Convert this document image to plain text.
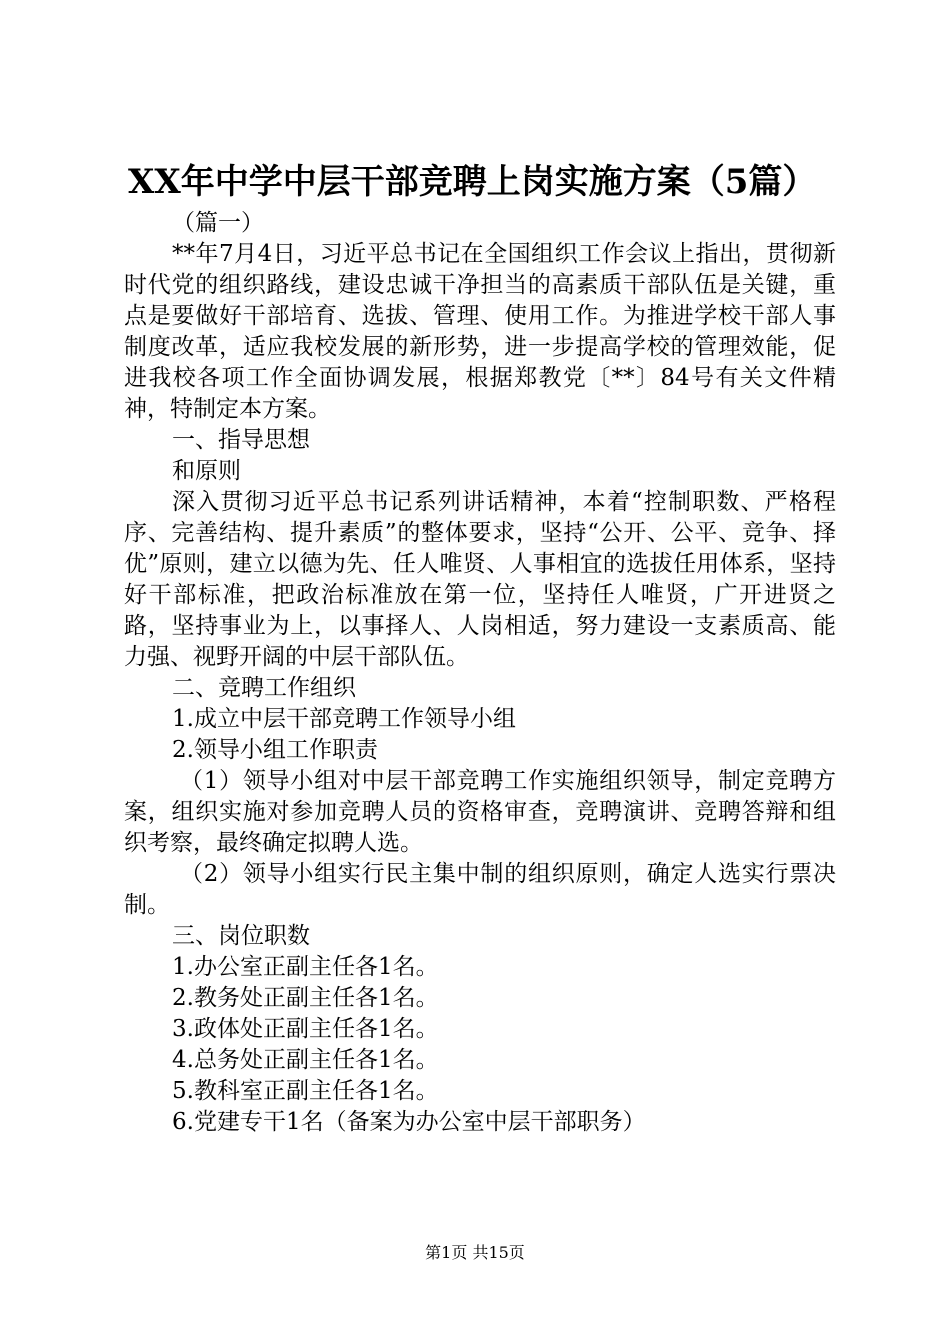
XX年中学中层干部竞聘上岗实施方案（5篇）

（篇一）

**年7月4日，习近平总书记在全国组织工作会议上指出，贯彻新时代党的组织路线，建设忠诚干净担当的高素质干部队伍是关键，重点是要做好干部培育、选拔、管理、使用工作。为推进学校干部人事制度改革，适应我校发展的新形势，进一步提高学校的管理效能，促进我校各项工作全面协调发展，根据郑教党〔**〕84号有关文件精神，特制定本方案。

一、指导思想

和原则

深入贯彻习近平总书记系列讲话精神，本着“控制职数、严格程序、完善结构、提升素质”的整体要求，坚持“公开、公平、竞争、择优”原则，建立以德为先、任人唯贤、人事相宜的选拔任用体系，坚持好干部标准，把政治标准放在第一位，坚持任人唯贤，广开进贤之路，坚持事业为上，以事择人、人岗相适，努力建设一支素质高、能力强、视野开阔的中层干部队伍。

二、竞聘工作组织

1.成立中层干部竞聘工作领导小组

2.领导小组工作职责

（1）领导小组对中层干部竞聘工作实施组织领导，制定竞聘方案，组织实施对参加竞聘人员的资格审查，竞聘演讲、竞聘答辩和组织考察，最终确定拟聘人选。

（2）领导小组实行民主集中制的组织原则，确定人选实行票决制。

三、岗位职数

1.办公室正副主任各1名。

2.教务处正副主任各1名。

3.政体处正副主任各1名。

4.总务处正副主任各1名。

5.教科室正副主任各1名。

6.党建专干1名（备案为办公室中层干部职务）

第1页 共15页
